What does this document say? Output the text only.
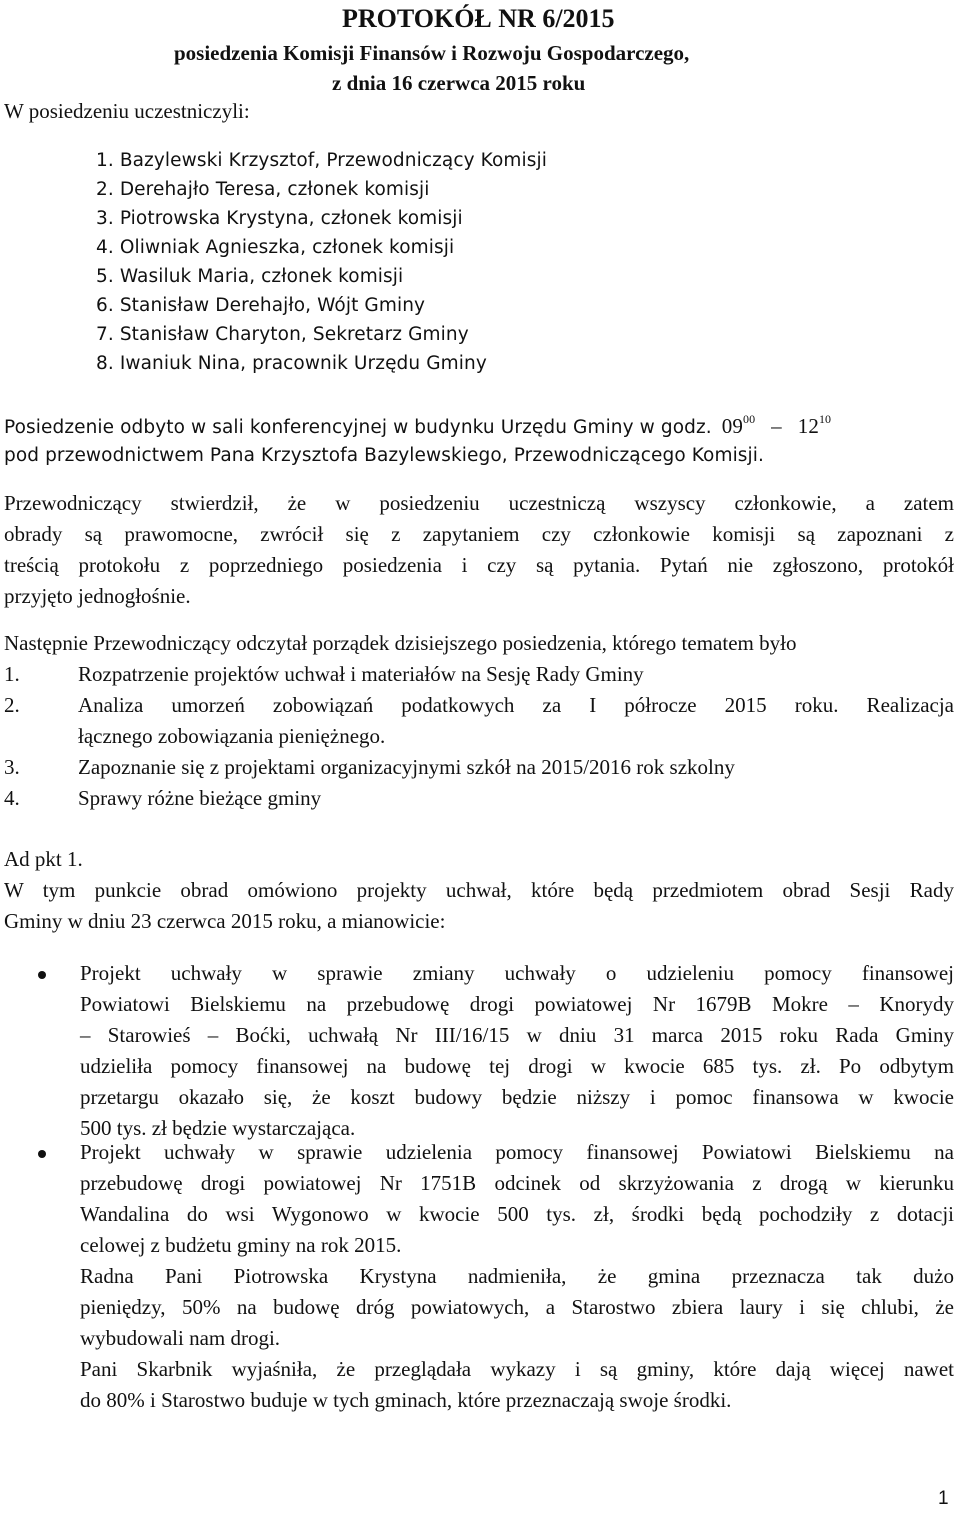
PROTOKÓŁ NR 6/2015
posiedzenia Komisji Finansów i Rozwoju Gospodarczego,
z dnia 16 czerwca 2015 roku
W posiedzeniu uczestniczyli:
1. Bazylewski Krzysztof, Przewodniczący Komisji
2. Derehajło Teresa, członek komisji
3. Piotrowska Krystyna, członek komisji
4. Oliwniak Agnieszka, członek komisji
5. Wasiluk Maria, członek komisji
6. Stanisław Derehajło, Wójt Gminy
7. Stanisław Charyton, Sekretarz Gminy
8. Iwaniuk Nina, pracownik Urzędu Gminy
Posiedzenie odbyto w sali konferencyjnej w budynku Urzędu Gminy w godz. $09^{00} - 12^{10}$
pod przewodnictwem Pana Krzysztofa Bazylewskiego, Przewodniczącego Komisji.
Przewodniczący stwierdził, że w posiedzeniu uczestniczą wszyscy członkowie, a zatem
obrady są prawomocne, zwrócił się z zapytaniem czy członkowie komisji są zapoznani z
treścią protokołu z poprzedniego posiedzenia i czy są pytania. Pytań nie zgłoszono, protokół
przyjęto jednogłośnie.
Następnie Przewodniczący odczytał porządek dzisiejszego posiedzenia, którego tematem było
1.	Rozpatrzenie projektów uchwał i materiałów na Sesję Rady Gminy
2.	Analiza umorzeń zobowiązań podatkowych za I półrocze 2015 roku. Realizacja
łącznego zobowiązania pieniężnego.
3.	Zapoznanie się z projektami organizacyjnymi szkół na 2015/2016 rok szkolny
4.	Sprawy różne bieżące gminy
Ad pkt 1.
W tym punkcie obrad omówiono projekty uchwał, które będą przedmiotem obrad Sesji Rady
Gminy w dniu 23 czerwca 2015 roku, a mianowicie:
Projekt uchwały w sprawie zmiany uchwały o udzieleniu pomocy finansowej
Powiatowi Bielskiemu na przebudowę drogi powiatowej Nr 1679B Mokre – Knorydy
– Starowieś – Boćki, uchwałą Nr III/16/15 w dniu 31 marca 2015 roku Rada Gminy
udzieliła pomocy finansowej na budowę tej drogi w kwocie 685 tys. zł. Po odbytym
przetargu okazało się, że koszt budowy będzie niższy i pomoc finansowa w kwocie
500 tys. zł będzie wystarczająca.
Projekt uchwały w sprawie udzielenia pomocy finansowej Powiatowi Bielskiemu na
przebudowę drogi powiatowej Nr 1751B odcinek od skrzyżowania z drogą w kierunku
Wandalina do wsi Wygonowo w kwocie 500 tys. zł, środki będą pochodziły z dotacji
celowej z budżetu gminy na rok 2015.
Radna Pani Piotrowska Krystyna nadmieniła, że gmina przeznacza tak dużo
pieniędzy, 50% na budowę dróg powiatowych, a Starostwo zbiera laury i się chlubi, że
wybudowali nam drogi.
Pani Skarbnik wyjaśniła, że przeglądała wykazy i są gminy, które dają więcej nawet
do 80% i Starostwo buduje w tych gminach, które przeznaczają swoje środki.
1
